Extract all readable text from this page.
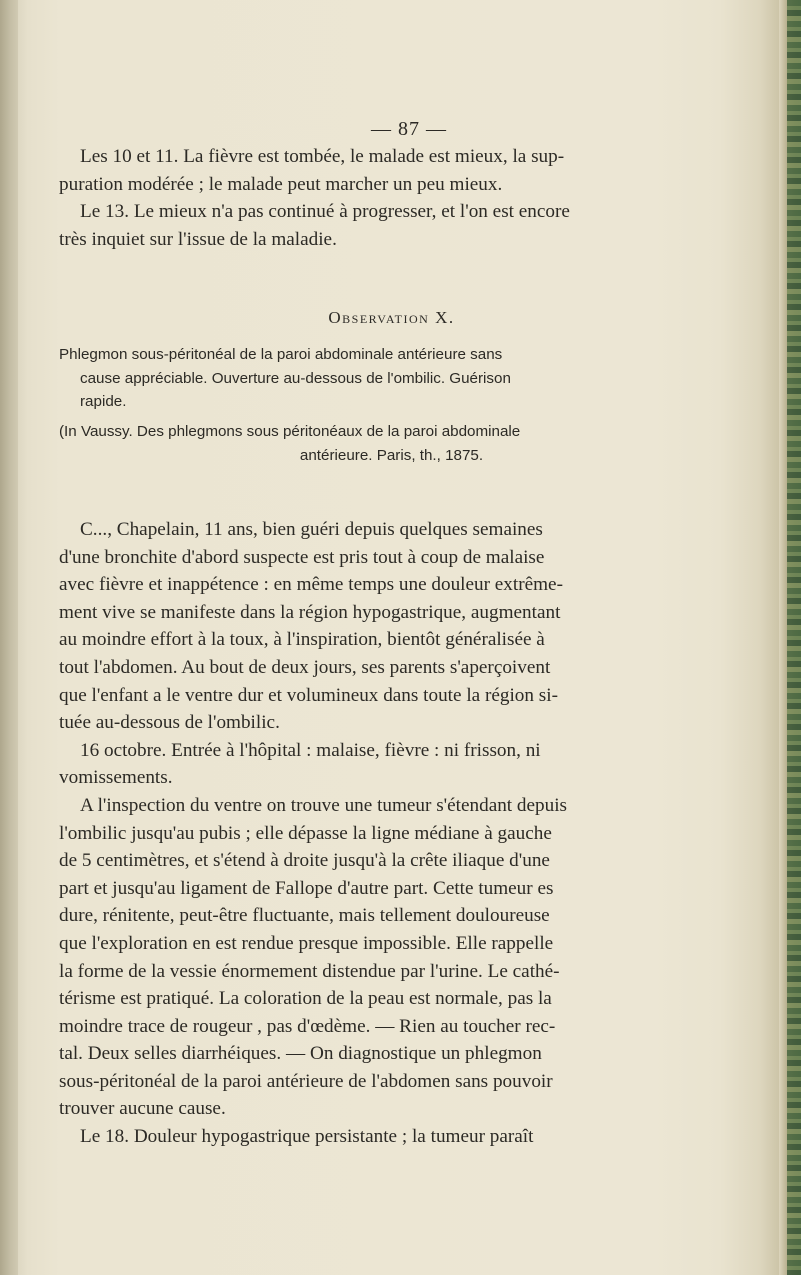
— 87 —
Les 10 et 11. La fièvre est tombée, le malade est mieux, la sup-
puration modérée ; le malade peut marcher un peu mieux.
Le 13. Le mieux n'a pas continué à progresser, et l'on est encore
très inquiet sur l'issue de la maladie.
Observation X.
Phlegmon sous-péritonéal de la paroi abdominale antérieure sans
cause appréciable. Ouverture au-dessous de l'ombilic. Guérison
rapide.
(In Vaussy. Des phlegmons sous péritonéaux de la paroi abdominale
antérieure. Paris, th., 1875.
C..., Chapelain, 11 ans, bien guéri depuis quelques semaines
d'une bronchite d'abord suspecte est pris tout à coup de malaise
avec fièvre et inappétence : en même temps une douleur extrême-
ment vive se manifeste dans la région hypogastrique, augmentant
au moindre effort à la toux, à l'inspiration, bientôt généralisée à
tout l'abdomen. Au bout de deux jours, ses parents s'aperçoivent
que l'enfant a le ventre dur et volumineux dans toute la région si-
tuée au-dessous de l'ombilic.
16 octobre. Entrée à l'hôpital : malaise, fièvre : ni frisson, ni
vomissements.
A l'inspection du ventre on trouve une tumeur s'étendant depuis
l'ombilic jusqu'au pubis ; elle dépasse la ligne médiane à gauche
de 5 centimètres, et s'étend à droite jusqu'à la crête iliaque d'une
part et jusqu'au ligament de Fallope d'autre part. Cette tumeur es
dure, rénitente, peut-être fluctuante, mais tellement douloureuse
que l'exploration en est rendue presque impossible. Elle rappelle
la forme de la vessie énormement distendue par l'urine. Le cathé-
térisme est pratiqué. La coloration de la peau est normale, pas la
moindre trace de rougeur , pas d'œdème. — Rien au toucher rec-
tal. Deux selles diarrhéiques. — On diagnostique un phlegmon
sous-péritonéal de la paroi antérieure de l'abdomen sans pouvoir
trouver aucune cause.
Le 18. Douleur hypogastrique persistante ; la tumeur paraît
